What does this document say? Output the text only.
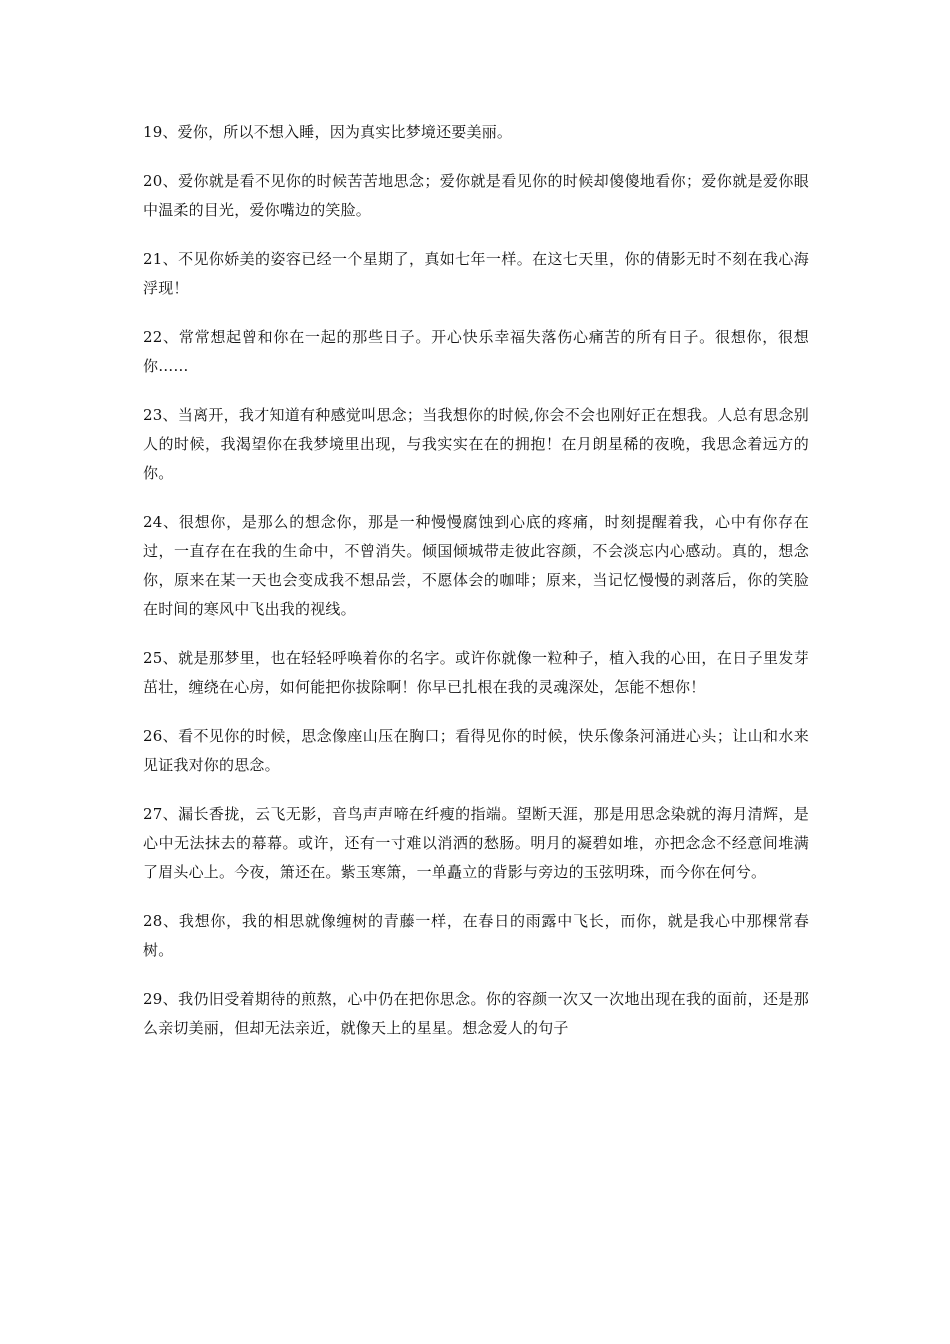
19、爱你，所以不想入睡，因为真实比梦境还要美丽。

20、爱你就是看不见你的时候苦苦地思念；爱你就是看见你的时候却傻傻地看你；爱你就是爱你眼中温柔的目光，爱你嘴边的笑脸。

21、不见你娇美的姿容已经一个星期了，真如七年一样。在这七天里，你的倩影无时不刻在我心海浮现！

22、常常想起曾和你在一起的那些日子。开心快乐幸福失落伤心痛苦的所有日子。很想你，很想你……

23、当离开，我才知道有种感觉叫思念；当我想你的时候,你会不会也刚好正在想我。人总有思念别人的时候，我渴望你在我梦境里出现，与我实实在在的拥抱！在月朗星稀的夜晚，我思念着远方的你。

24、很想你，是那么的想念你，那是一种慢慢腐蚀到心底的疼痛，时刻提醒着我，心中有你存在过，一直存在在我的生命中，不曾消失。倾国倾城带走彼此容颜，不会淡忘内心感动。真的，想念你，原来在某一天也会变成我不想品尝，不愿体会的咖啡；原来，当记忆慢慢的剥落后，你的笑脸在时间的寒风中飞出我的视线。

25、就是那梦里，也在轻轻呼唤着你的名字。或许你就像一粒种子，植入我的心田，在日子里发芽茁壮，缠绕在心房，如何能把你拔除啊！你早已扎根在我的灵魂深处，怎能不想你！

26、看不见你的时候，思念像座山压在胸口；看得见你的时候，快乐像条河涌进心头；让山和水来见证我对你的思念。

27、漏长香拢，云飞无影，音鸟声声啼在纤瘦的指端。望断天涯，那是用思念染就的海月清辉，是心中无法抹去的幕幕。或许，还有一寸难以消洒的愁肠。明月的凝碧如堆，亦把念念不经意间堆满了眉头心上。今夜，箫还在。紫玉寒箫，一单矗立的背影与旁边的玉弦明珠，而今你在何兮。

28、我想你，我的相思就像缠树的青藤一样，在春日的雨露中飞长，而你，就是我心中那棵常春树。

29、我仍旧受着期待的煎熬，心中仍在把你思念。你的容颜一次又一次地出现在我的面前，还是那么亲切美丽，但却无法亲近，就像天上的星星。想念爱人的句子
